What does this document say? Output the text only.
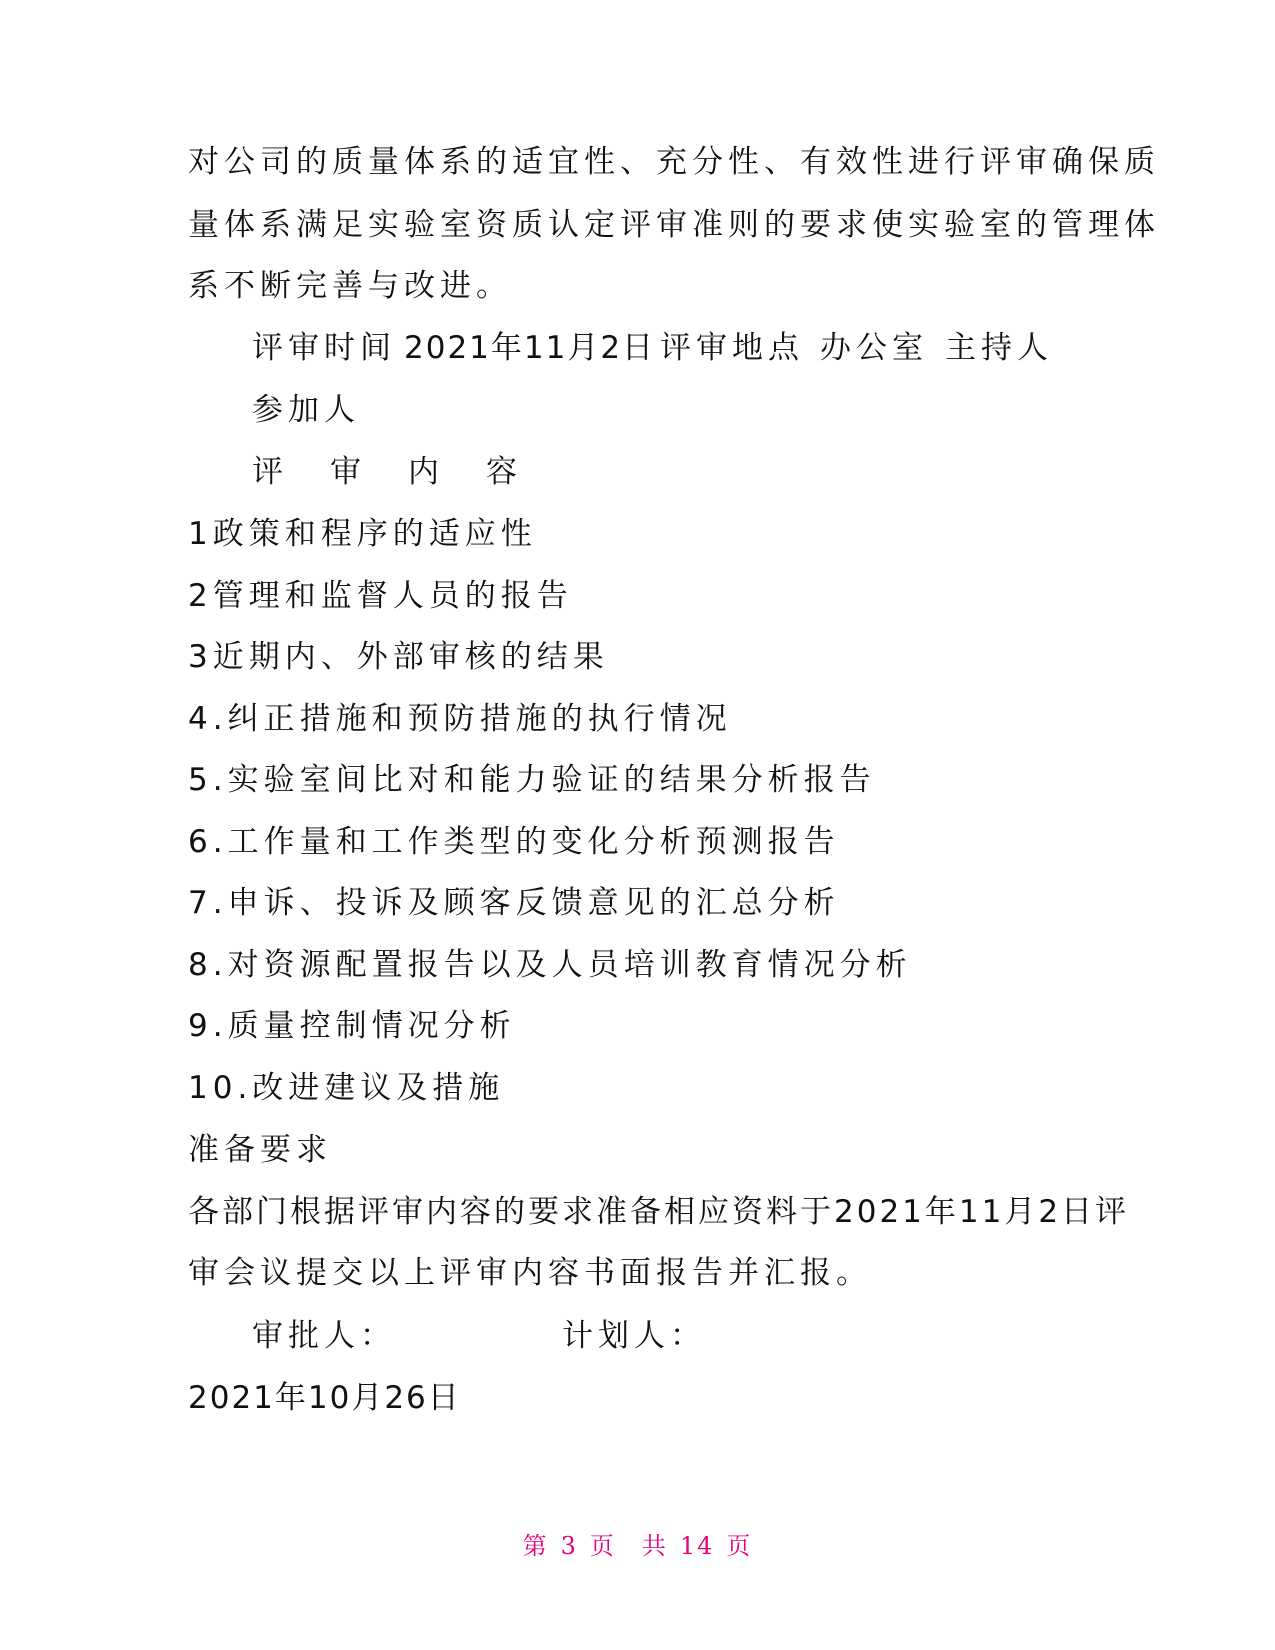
对公司的质量体系的适宜性、充分性、有效性进行评审确保质
量体系满足实验室资质认定评审准则的要求使实验室的管理体
系不断完善与改进。
评审时间 2021年11月2日 评审地点 办公室 主持人
参加人
评　审　内　容
1政策和程序的适应性
2管理和监督人员的报告
3近期内、外部审核的结果
4.纠正措施和预防措施的执行情况
5.实验室间比对和能力验证的结果分析报告
6.工作量和工作类型的变化分析预测报告
7.申诉、投诉及顾客反馈意见的汇总分析
8.对资源配置报告以及人员培训教育情况分析
9.质量控制情况分析
10.改进建议及措施
准备要求
各部门根据评审内容的要求准备相应资料于2021年11月2日评
审会议提交以上评审内容书面报告并汇报。
审批人：	计划人：
2021年10月26日
第 3 页　共 14 页
